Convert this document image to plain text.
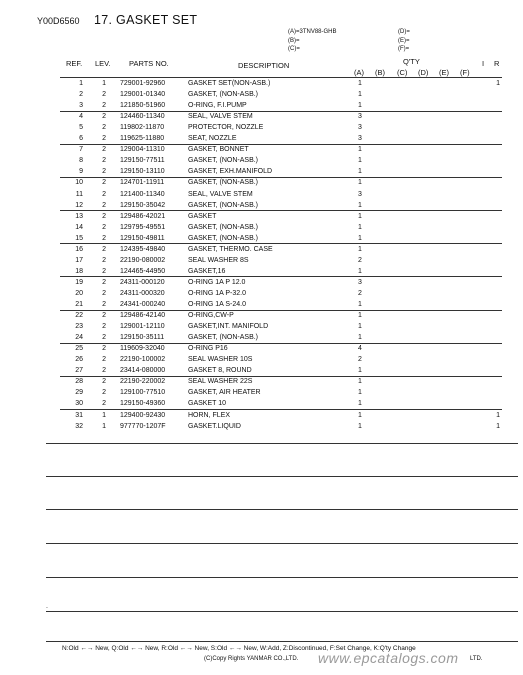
Y00D6560 17. GASKET SET
(A)=3TNV88-GHB
(B)=
(C)=
(D)=
(E)=
(F)=
REF. LEV. PARTS NO.	DESCRIPTION	Q'TY
(A) (B) (C) (D) (E) (F)
I R
1	1 729001-92960	GASKET SET(NON-ASB.)	1	1
2	2 129001-01340	GASKET, (NON-ASB.)	1
3	2 121850-51960	O-RING, F.I.PUMP	1
4	2 124460-11340	SEAL, VALVE STEM	3
5	2 119802-11870	PROTECTOR, NOZZLE	3
6	2 119625-11880	SEAT, NOZZLE	3
7	2 129004-11310	GASKET, BONNET	1
8	2 129150-77511	GASKET, (NON-ASB.)	1
9	2 129150-13110	GASKET, EXH.MANIFOLD	1
10	2 124701-11911	GASKET, (NON-ASB.)	1
11	2 121400-11340	SEAL, VALVE STEM	3
12	2 129150-35042	GASKET, (NON-ASB.)	1
13	2 129486-42021	GASKET	1
14	2 129795-49551	GASKET, (NON-ASB.)	1
15	2 129150-49811	GASKET, (NON-ASB.)	1
16	2 124395-49840	GASKET, THERMO. CASE	1
17	2 22190-080002	SEAL WASHER 8S	2
18	2 124465-44950	GASKET,16	1
19	2 24311-000120	O-RING 1A P 12.0	3
20	2 24311-000320	O-RING 1A P-32.0	2
21	2 24341-000240	O-RING 1A S-24.0	1
22	2 129486-42140	O-RING,CW-P	1
23	2 129001-12110	GASKET,INT. MANIFOLD	1
24	2 129150-35111	GASKET, (NON-ASB.)	1
25	2 119609-32040	O-RING P16	4
26	2 22190-100002	SEAL WASHER 10S	2
27	2 23414-080000	GASKET 8, ROUND	1
28	2 22190-220002	SEAL WASHER 22S	1
29	2 129100-77510	GASKET, AIR HEATER	1
30	2 129150-49360	GASKET 10	1
31	1 129400-92430	HORN, FLEX	1	1
32	1 977770-1207F	GASKET.LIQUID	1	1
.
N:Old ←→ New, Q:Old ←→ New, R:Old ←→ New, S:Old ←→ New, W:Add, Z:Discontinued, F:Set Change, K:Q'ty Change
(C)Copy Rights YANMAR CO.,LTD. www.epcatalogs.com LTD.
